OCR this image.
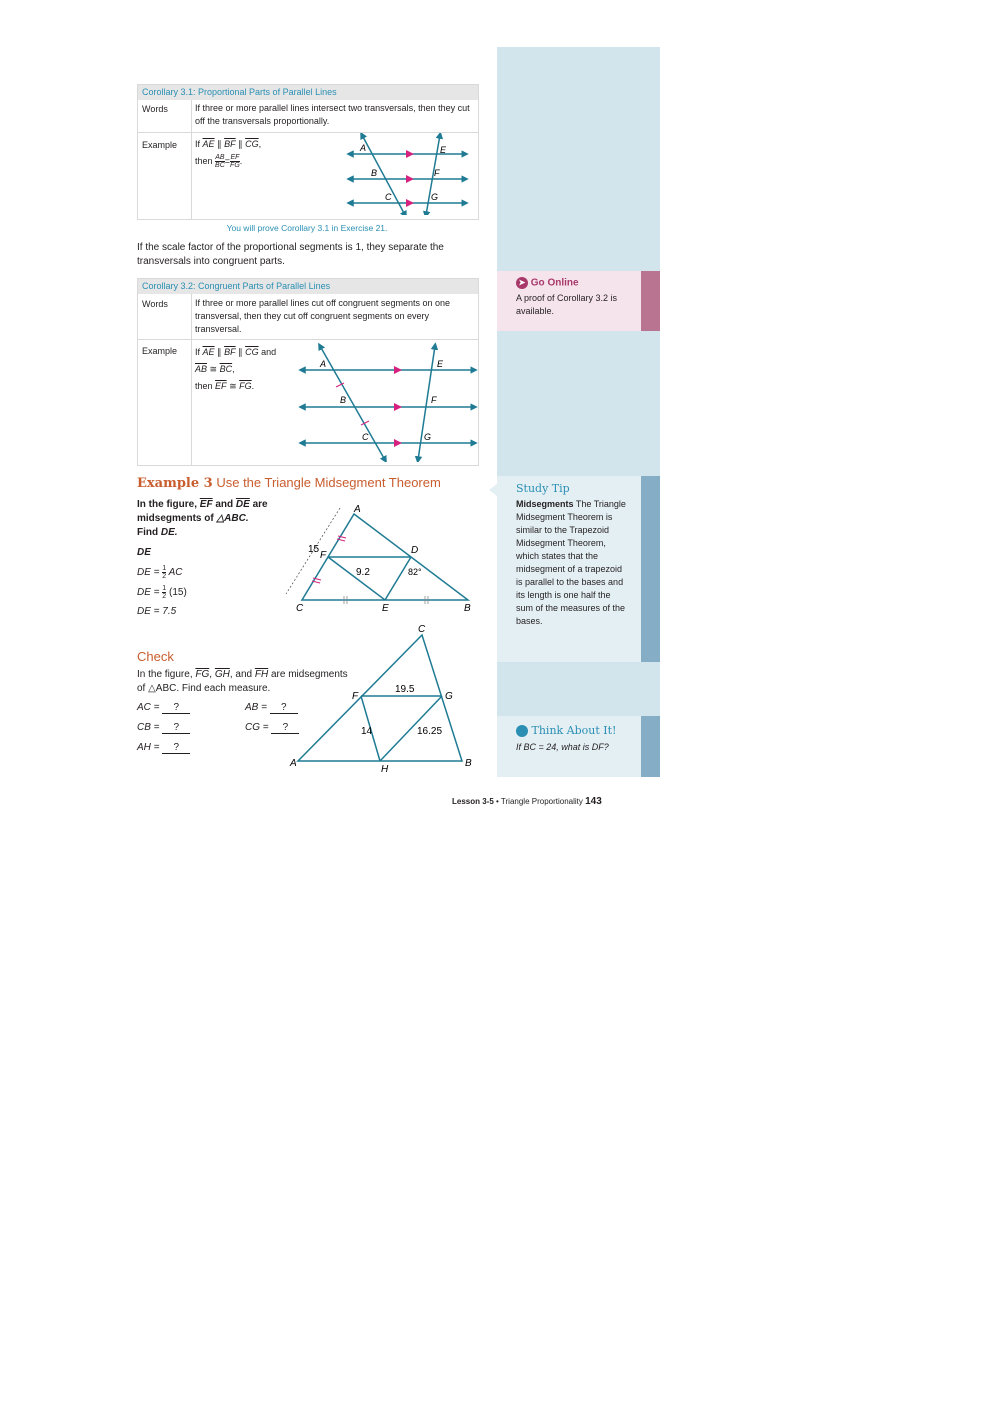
Corollary 3.1: Proportional Parts of Parallel Lines
Words	If three or more parallel lines intersect two transversals, then they cut off the transversals proportionally.
Example If $\overline{AE}$ ∥ $\overline{BF}$ ∥ $\overline{CG}$,
then $\frac{AB}{BC} = \frac{EF}{FG}$ .
A	E
B	F
C	G
You will prove Corollary 3.1 in Exercise 21.
If the scale factor of the proportional segments is 1, they separate the transversals into congruent parts.
Corollary 3.2: Congruent Parts of Parallel Lines
Words	If three or more parallel lines cut off congruent segments on one transversal, then they cut off congruent segments on every transversal.
Example If $\overline{AE}$ ∥ $\overline{BF}$ ∥ $\overline{CG}$ and
$\overline{AB}$ ≅ $\overline{BC}$,
then $\overline{EF}$ ≅ $\overline{FG}$.
A	E
B	F
C	G
Example 3 Use the Triangle Midsegment Theorem
In the figure, $\overline{EF}$ and $\overline{DE}$ are
midsegments of △ABC.
Find DE.
DE
DE = $\frac{1}{2}$ AC
DE = $\frac{1}{2} (15)$
DE = 7.5
A
B
C
D
E
F
15
9.2	82°
Check
In the figure, $\overline{FG}$, $\overline{GH}$, and $\overline{FH}$ are midsegments
of △ABC. Find each measure.
AC = ?	AB = ?
CB = ?	CG = ?
AH = ?
C
A	B
F	G
H
19.5
14	16.25
➤ Go Online
A proof of Corollary 3.2 is available.
Study Tip
Midsegments The Triangle Midsegment Theorem is similar to the Trapezoid Midsegment Theorem, which states that the midsegment of a trapezoid is parallel to the bases and its length is one half the sum of the measures of the bases.
Think About It!
If BC = 24, what is DF?
Lesson 3-5 • Triangle Proportionality 143
